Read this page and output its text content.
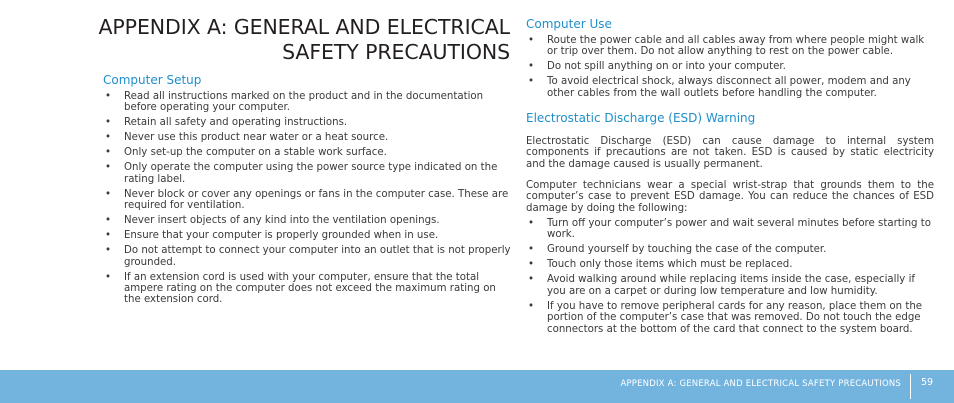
APPENDIX A: GENERAL AND ELECTRICAL
SAFETY PRECAUTIONS
Computer Setup
• Read all instructions marked on the product and in the documentation before operating your computer.
• Retain all safety and operating instructions.
• Never use this product near water or a heat source.
• Only set-up the computer on a stable work surface.
• Only operate the computer using the power source type indicated on the rating label.
• Never block or cover any openings or fans in the computer case. These are required for ventilation.
• Never insert objects of any kind into the ventilation openings.
• Ensure that your computer is properly grounded when in use.
• Do not attempt to connect your computer into an outlet that is not properly grounded.
• If an extension cord is used with your computer, ensure that the total ampere rating on the computer does not exceed the maximum rating on the extension cord.
Computer Use
• Route the power cable and all cables away from where people might walk or trip over them. Do not allow anything to rest on the power cable.
• Do not spill anything on or into your computer.
• To avoid electrical shock, always disconnect all power, modem and any other cables from the wall outlets before handling the computer.
Electrostatic Discharge (ESD) Warning

Electrostatic Discharge (ESD) can cause damage to internal system components if precautions are not taken. ESD is caused by static electricity and the damage caused is usually permanent.

Computer technicians wear a special wrist-strap that grounds them to the computer’s case to prevent ESD damage. You can reduce the chances of ESD damage by doing the following:

• Turn off your computer’s power and wait several minutes before starting to work.
• Ground yourself by touching the case of the computer.
• Touch only those items which must be replaced.
• Avoid walking around while replacing items inside the case, especially if you are on a carpet or during low temperature and low humidity.
• If you have to remove peripheral cards for any reason, place them on the portion of the computer’s case that was removed. Do not touch the edge connectors at the bottom of the card that connect to the system board.
APPENDIX A: GENERAL AND ELECTRICAL SAFETY PRECAUTIONS 59
